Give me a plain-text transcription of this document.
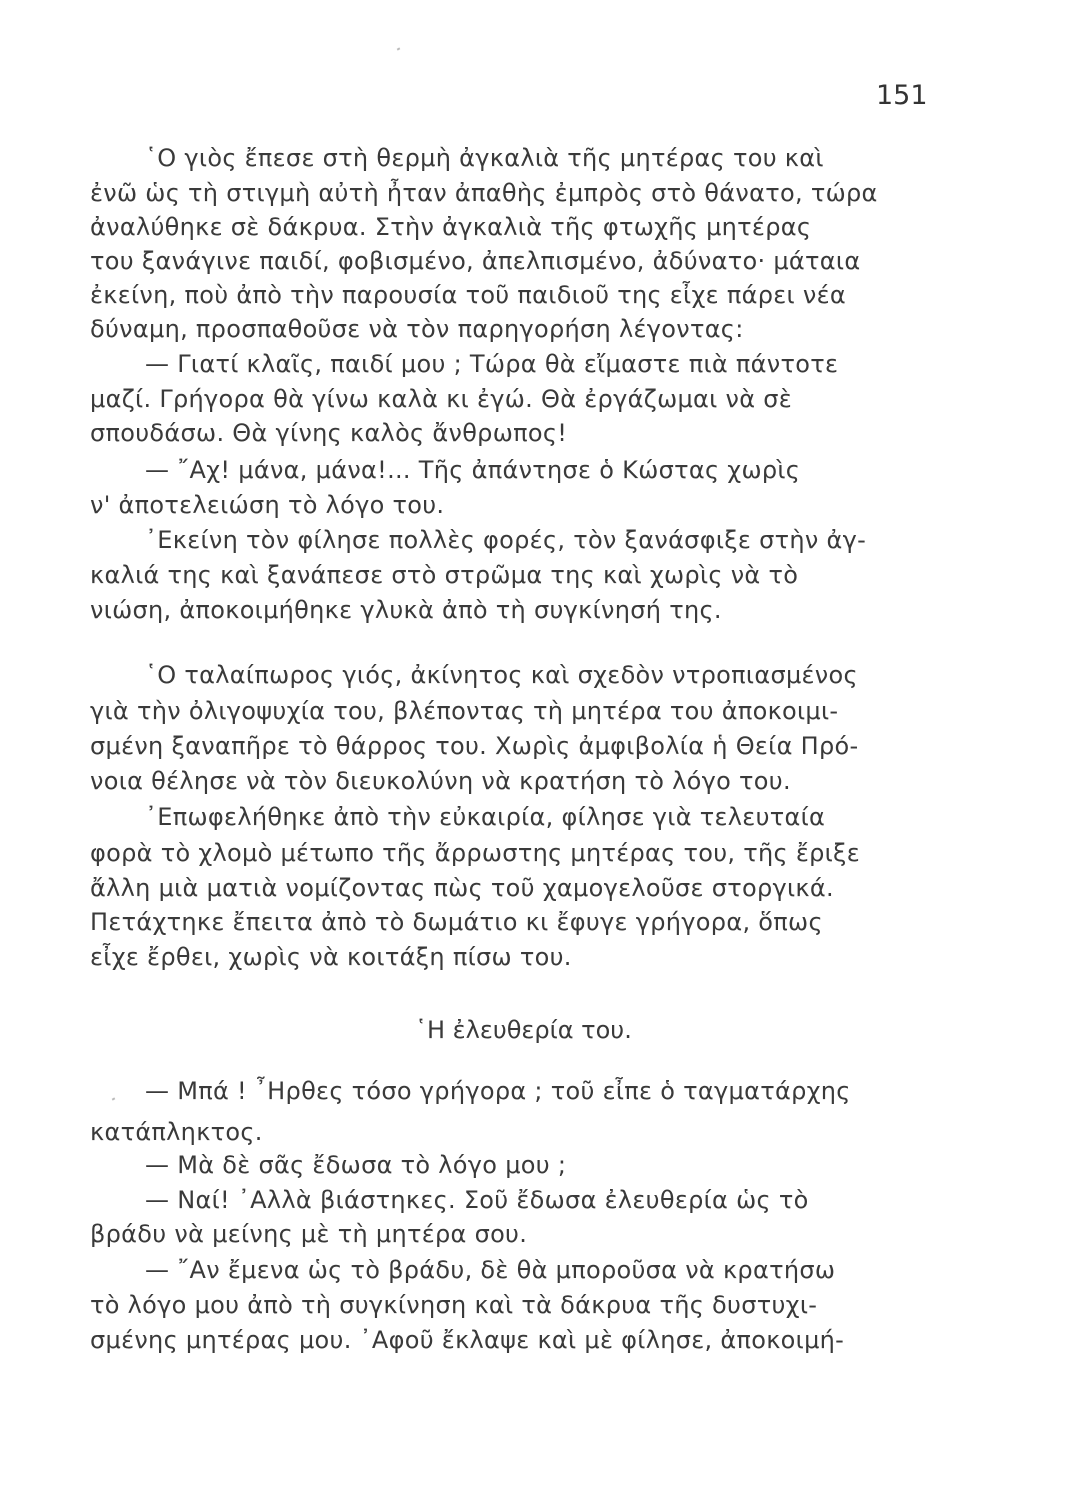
151
῾Ο γιὸς ἔπεσε στὴ θερμὴ ἀγκαλιὰ τῆς μητέρας του καὶ
ἐνῶ ὡς τὴ στιγμὴ αὐτὴ ἦταν ἀπαθὴς ἐμπρὸς στὸ θάνατο, τώρα
ἀναλύθηκε σὲ δάκρυα. Στὴν ἀγκαλιὰ τῆς φτωχῆς μητέρας
του ξανάγινε παιδί, φοβισμένο, ἀπελπισμένο, ἀδύνατο· μάταια
ἐκείνη, ποὺ ἀπὸ τὴν παρουσία τοῦ παιδιοῦ της εἶχε πάρει νέα
δύναμη, προσπαθοῦσε νὰ τὸν παρηγορήση λέγοντας:
— Γιατί κλαῖς, παιδί μου ; Τώρα θὰ εἴμαστε πιὰ πάντοτε
μαζί. Γρήγορα θὰ γίνω καλὰ κι ἐγώ. Θὰ ἐργάζωμαι νὰ σὲ
σπουδάσω. Θὰ γίνης καλὸς ἄνθρωπος!
— ῎Αχ! μάνα, μάνα!... Τῆς ἀπάντησε ὁ Κώστας χωρὶς
ν' ἀποτελειώση τὸ λόγο του.
᾿Εκείνη τὸν φίλησε πολλὲς φορές, τὸν ξανάσφιξε στὴν ἀγ-
καλιά της καὶ ξανάπεσε στὸ στρῶμα της καὶ χωρὶς νὰ τὸ
νιώση, ἀποκοιμήθηκε γλυκὰ ἀπὸ τὴ συγκίνησή της.
῾Ο ταλαίπωρος γιός, ἀκίνητος καὶ σχεδὸν ντροπιασμένος
γιὰ τὴν ὀλιγοψυχία του, βλέποντας τὴ μητέρα του ἀποκοιμι-
σμένη ξαναπῆρε τὸ θάρρος του. Χωρὶς ἀμφιβολία ἡ Θεία Πρό-
νοια θέλησε νὰ τὸν διευκολύνη νὰ κρατήση τὸ λόγο του.
᾿Επωφελήθηκε ἀπὸ τὴν εὐκαιρία, φίλησε γιὰ τελευταία
φορὰ τὸ χλομὸ μέτωπο τῆς ἄρρωστης μητέρας του, τῆς ἔριξε
ἄλλη μιὰ ματιὰ νομίζοντας πὼς τοῦ χαμογελοῦσε στοργικά.
Πετάχτηκε ἔπειτα ἀπὸ τὸ δωμάτιο κι ἔφυγε γρήγορα, ὅπως
εἶχε ἔρθει, χωρὶς νὰ κοιτάξη πίσω του.
῾Η ἐλευθερία του.
— Μπά ! ῏Ηρθες τόσο γρήγορα ; τοῦ εἶπε ὁ ταγματάρχης
κατάπληκτος.
— Μὰ δὲ σᾶς ἔδωσα τὸ λόγο μου ;
— Ναί! ᾿Αλλὰ βιάστηκες. Σοῦ ἔδωσα ἐλευθερία ὡς τὸ
βράδυ νὰ μείνης μὲ τὴ μητέρα σου.
— ῎Αν ἔμενα ὡς τὸ βράδυ, δὲ θὰ μποροῦσα νὰ κρατήσω
τὸ λόγο μου ἀπὸ τὴ συγκίνηση καὶ τὰ δάκρυα τῆς δυστυχι-
σμένης μητέρας μου. ᾿Αφοῦ ἔκλαψε καὶ μὲ φίλησε, ἀποκοιμή-
